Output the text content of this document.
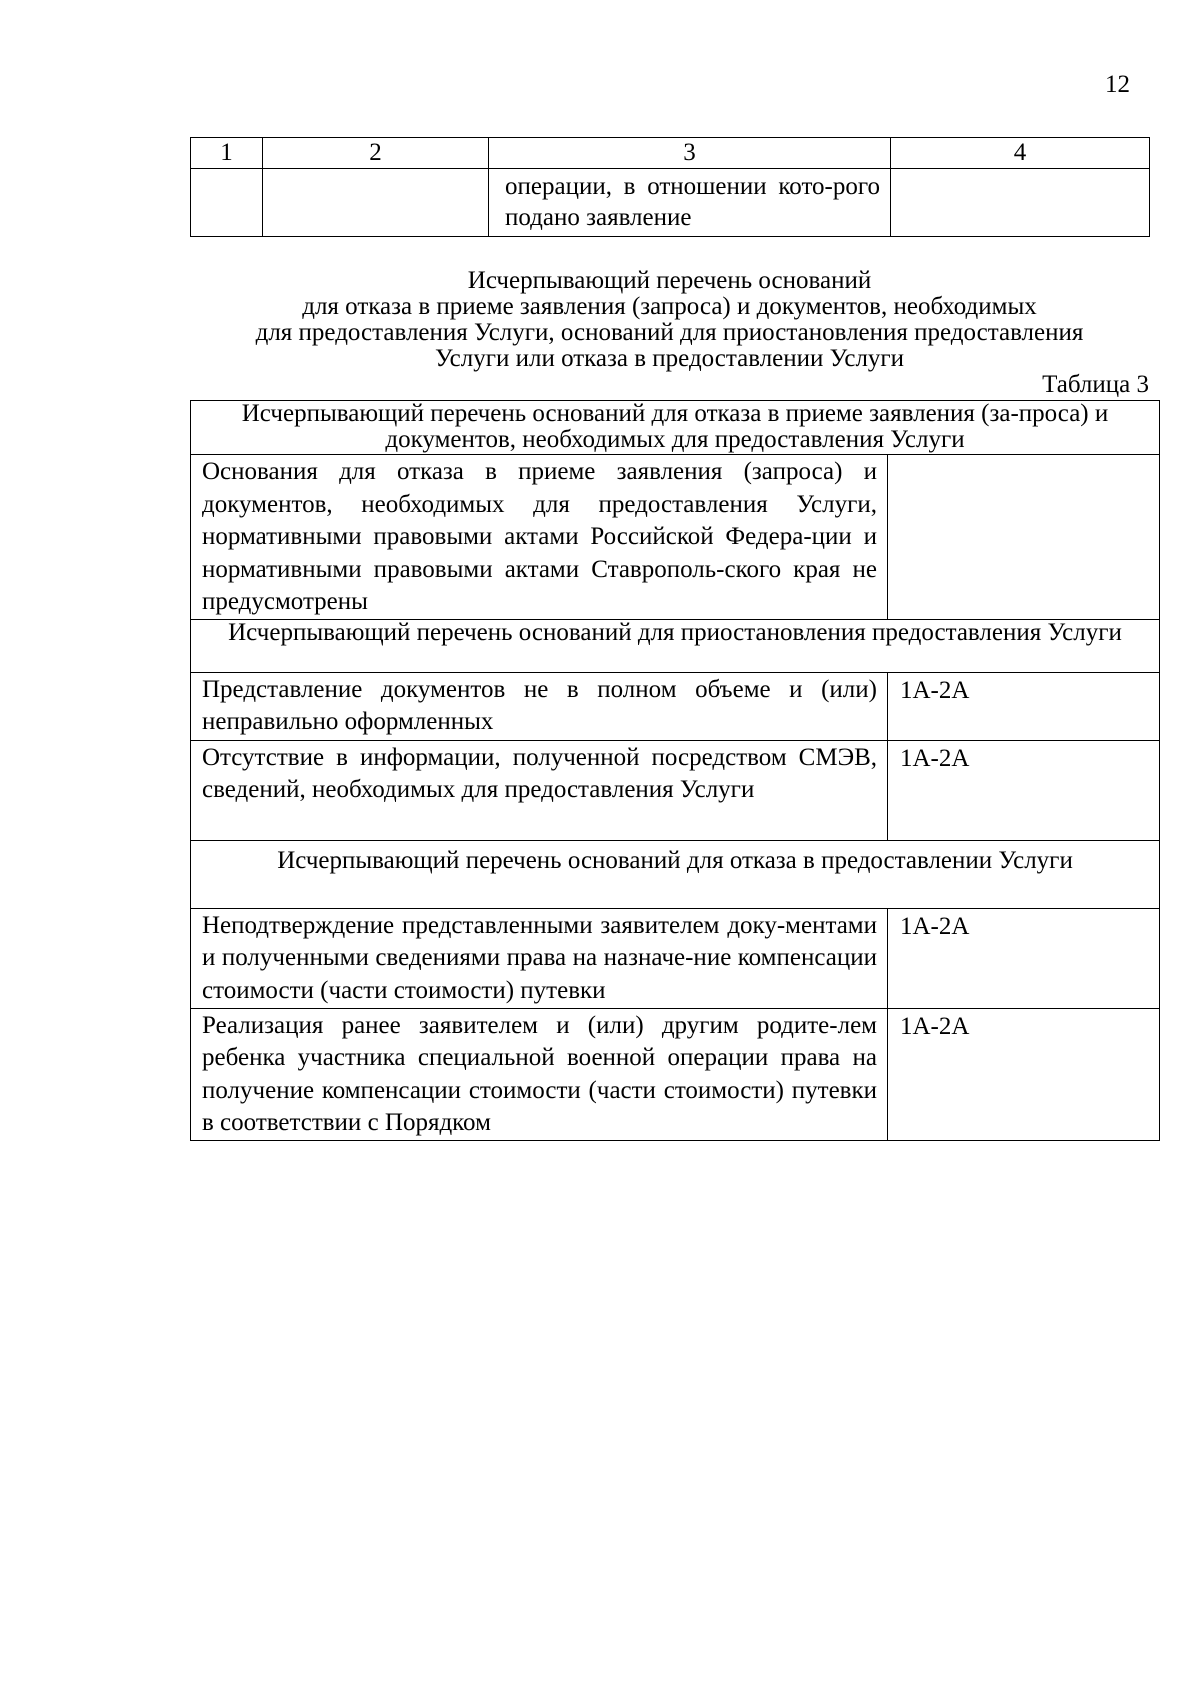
12
1	2	3	4
		операции, в отношении кото-рого подано заявление	
Исчерпывающий перечень оснований
для отказа в приеме заявления (запроса) и документов, необходимых
для предоставления Услуги, оснований для приостановления предоставления
Услуги или отказа в предоставлении Услуги
Таблица 3
Исчерпывающий перечень оснований для отказа в приеме заявления (за-проса) и документов, необходимых для предоставления Услуги	
Основания для отказа в приеме заявления (запроса) и документов, необходимых для предоставления Услуги, нормативными правовыми актами Российской Федера-ции и нормативными правовыми актами Ставрополь-ского края не предусмотрены	
Исчерпывающий перечень оснований для приостановления предоставления Услуги	
Представление документов не в полном объеме и (или) неправильно оформленных	1А-2А
Отсутствие в информации, полученной посредством СМЭВ, сведений, необходимых для предоставления Услуги	1А-2А
Исчерпывающий перечень оснований для отказа в предоставлении Услуги	
Неподтверждение представленными заявителем доку-ментами и полученными сведениями права на назначе-ние компенсации стоимости (части стоимости) путевки	1А-2А
Реализация ранее заявителем и (или) другим родите-лем ребенка участника специальной военной операции права на получение компенсации стоимости (части стоимости) путевки в соответствии с Порядком	1А-2А
